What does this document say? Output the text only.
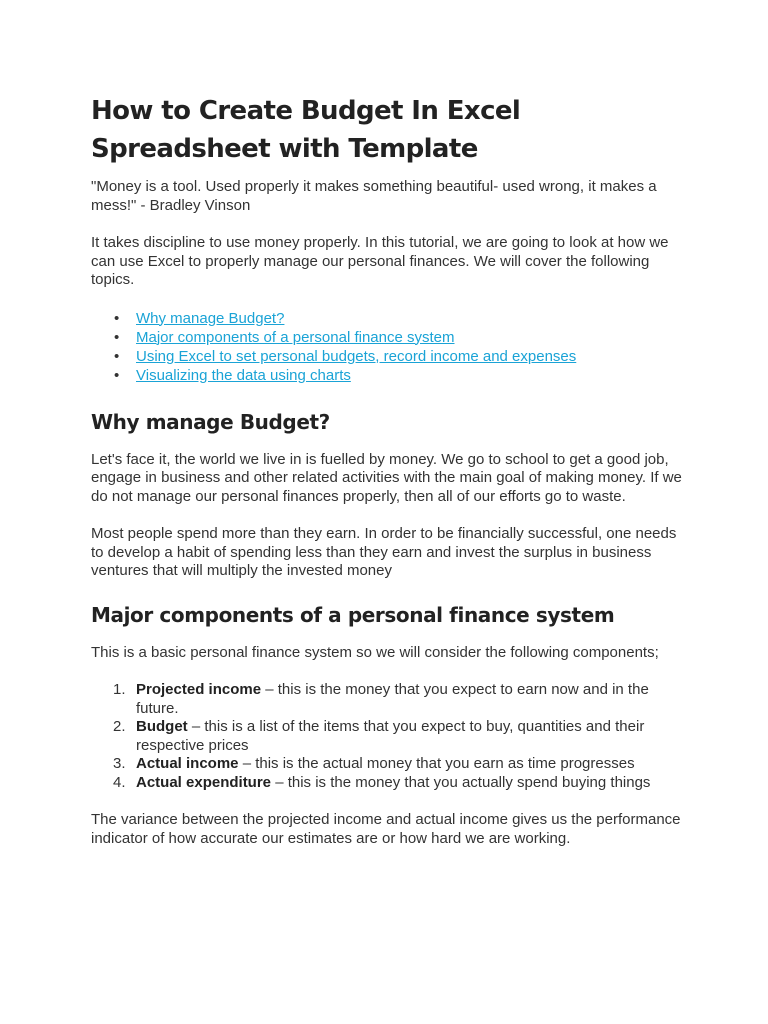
How to Create Budget In Excel Spreadsheet with Template

"Money is a tool. Used properly it makes something beautiful- used wrong, it makes a mess!" - Bradley Vinson

It takes discipline to use money properly. In this tutorial, we are going to look at how we can use Excel to properly manage our personal finances. We will cover the following topics.

• Why manage Budget?
• Major components of a personal finance system
• Using Excel to set personal budgets, record income and expenses
• Visualizing the data using charts
Why manage Budget?

Let's face it, the world we live in is fuelled by money. We go to school to get a good job, engage in business and other related activities with the main goal of making money. If we do not manage our personal finances properly, then all of our efforts go to waste.

Most people spend more than they earn. In order to be financially successful, one needs to develop a habit of spending less than they earn and invest the surplus in business ventures that will multiply the invested money

Major components of a personal finance system

This is a basic personal finance system so we will consider the following components;

1. Projected income – this is the money that you expect to earn now and in the future.
2. Budget – this is a list of the items that you expect to buy, quantities and their respective prices
3. Actual income – this is the actual money that you earn as time progresses
4. Actual expenditure – this is the money that you actually spend buying things

The variance between the projected income and actual income gives us the performance indicator of how accurate our estimates are or how hard we are working.
